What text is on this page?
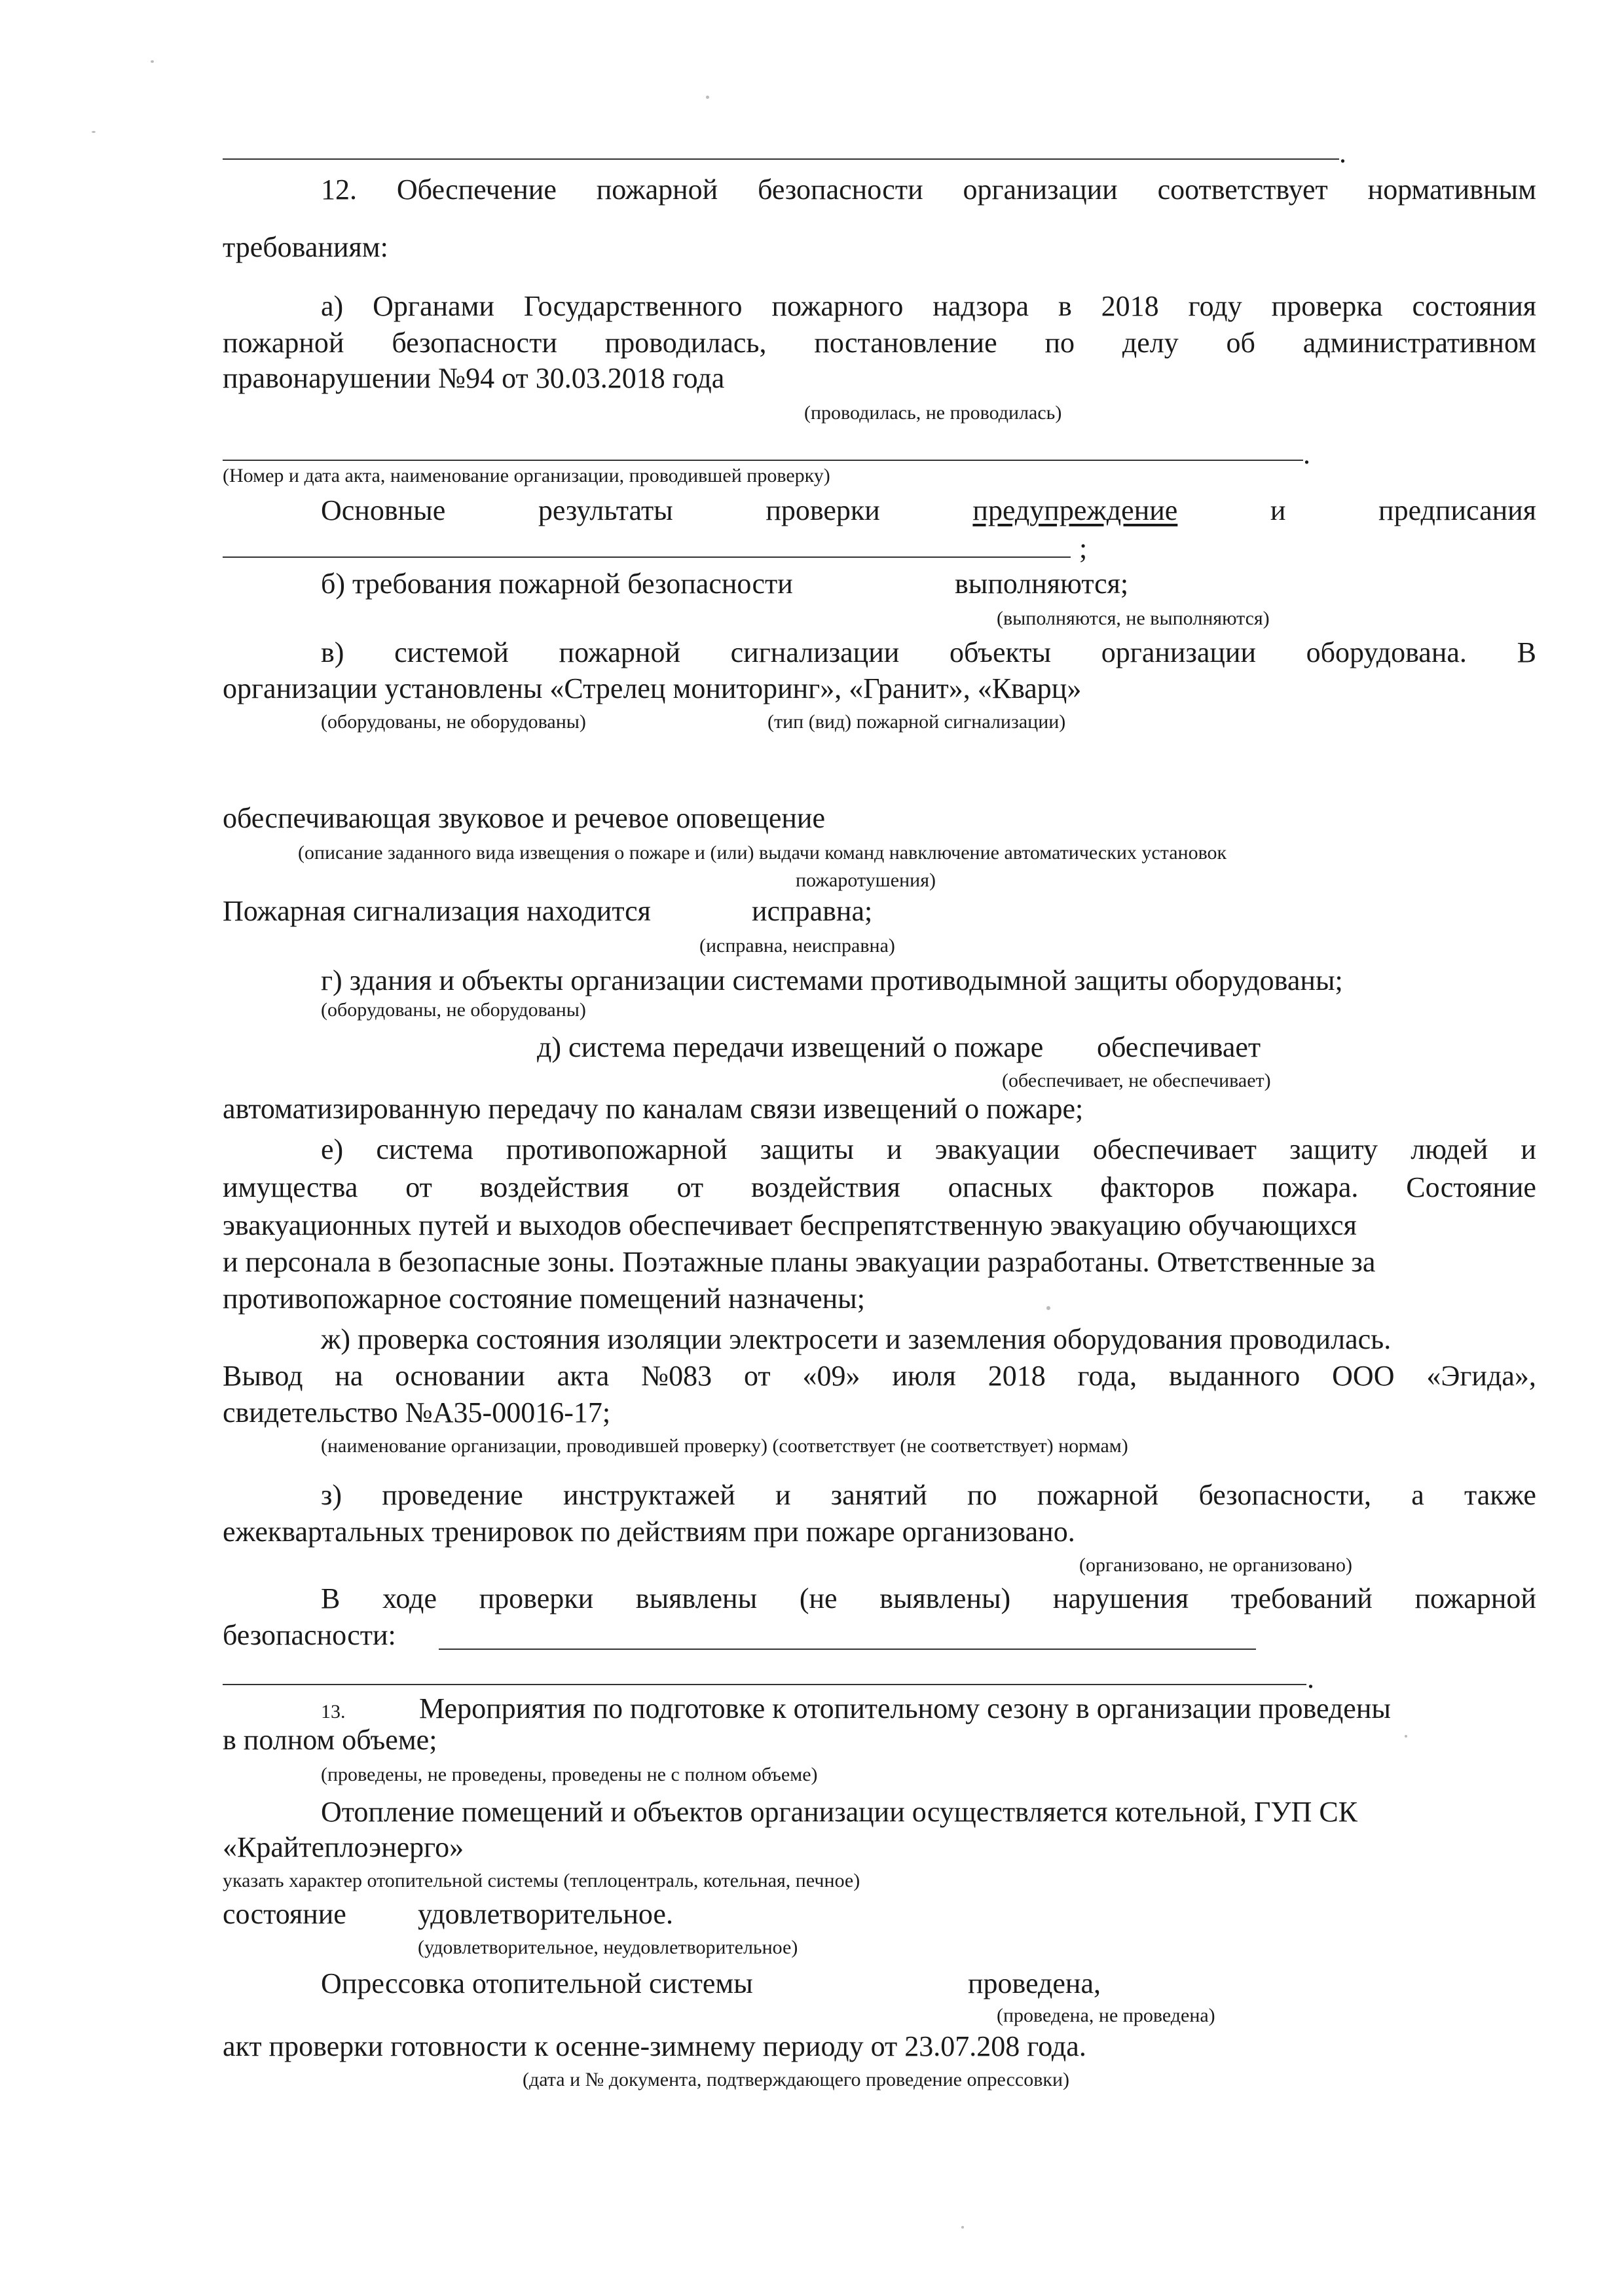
.
12. Обеспечение пожарной безопасности организации соответствует нормативным
требованиям:
а) Органами Государственного пожарного надзора в 2018 году проверка состояния
пожарной безопасности проводилась, постановление по делу об административном
правонарушении №94 от 30.03.2018 года
(проводилась, не проводилась)
.
(Номер и дата акта, наименование организации, проводившей проверку)
Основные	результаты	проверки	предупреждение	и	предписания
;
б) требования пожарной безопасности	выполняются;
(выполняются, не выполняются)
в) системой пожарной сигнализации объекты организации оборудована. В
организации установлены «Стрелец мониторинг», «Гранит», «Кварц»
(оборудованы, не оборудованы)	(тип (вид) пожарной сигнализации)
обеспечивающая звуковое и речевое оповещение
(описание заданного вида извещения о пожаре и (или) выдачи команд навключение автоматических установок
пожаротушения)
Пожарная сигнализация находится	исправна;
(исправна, неисправна)
г) здания и объекты организации системами противодымной защиты оборудованы;
(оборудованы, не оборудованы)
д) система передачи извещений о пожаре обеспечивает
(обеспечивает, не обеспечивает)
автоматизированную передачу по каналам связи извещений о пожаре;
е) система противопожарной защиты и эвакуации обеспечивает защиту людей и
имущества от воздействия от воздействия опасных факторов пожара. Состояние
эвакуационных путей и выходов обеспечивает беспрепятственную эвакуацию обучающихся
и персонала в безопасные зоны. Поэтажные планы эвакуации разработаны. Ответственные за
противопожарное состояние помещений назначены;
ж) проверка состояния изоляции электросети и заземления оборудования проводилась.
Вывод на основании акта №083 от «09» июля 2018 года, выданного ООО «Эгида»,
свидетельство №А35-00016-17;
(наименование организации, проводившей проверку) (соответствует (не соответствует) нормам)
з) проведение инструктажей и занятий по пожарной безопасности, а также
ежеквартальных тренировок по действиям при пожаре организовано.
(организовано, не организовано)
В ходе проверки выявлены (не выявлены) нарушения требований пожарной
безопасности:
.
13.	Мероприятия по подготовке к отопительному сезону в организации проведены
в полном объеме;
(проведены, не проведены, проведены не с полном объеме)
Отопление помещений и объектов организации осуществляется котельной, ГУП СК
«Крайтеплоэнерго»
указать характер отопительной системы (теплоцентраль, котельная, печное)
состояние удовлетворительное.
(удовлетворительное, неудовлетворительное)
Опрессовка отопительной системы	проведена,
(проведена, не проведена)
акт проверки готовности к осенне-зимнему периоду от 23.07.208 года.
(дата и № документа, подтверждающего проведение опрессовки)
